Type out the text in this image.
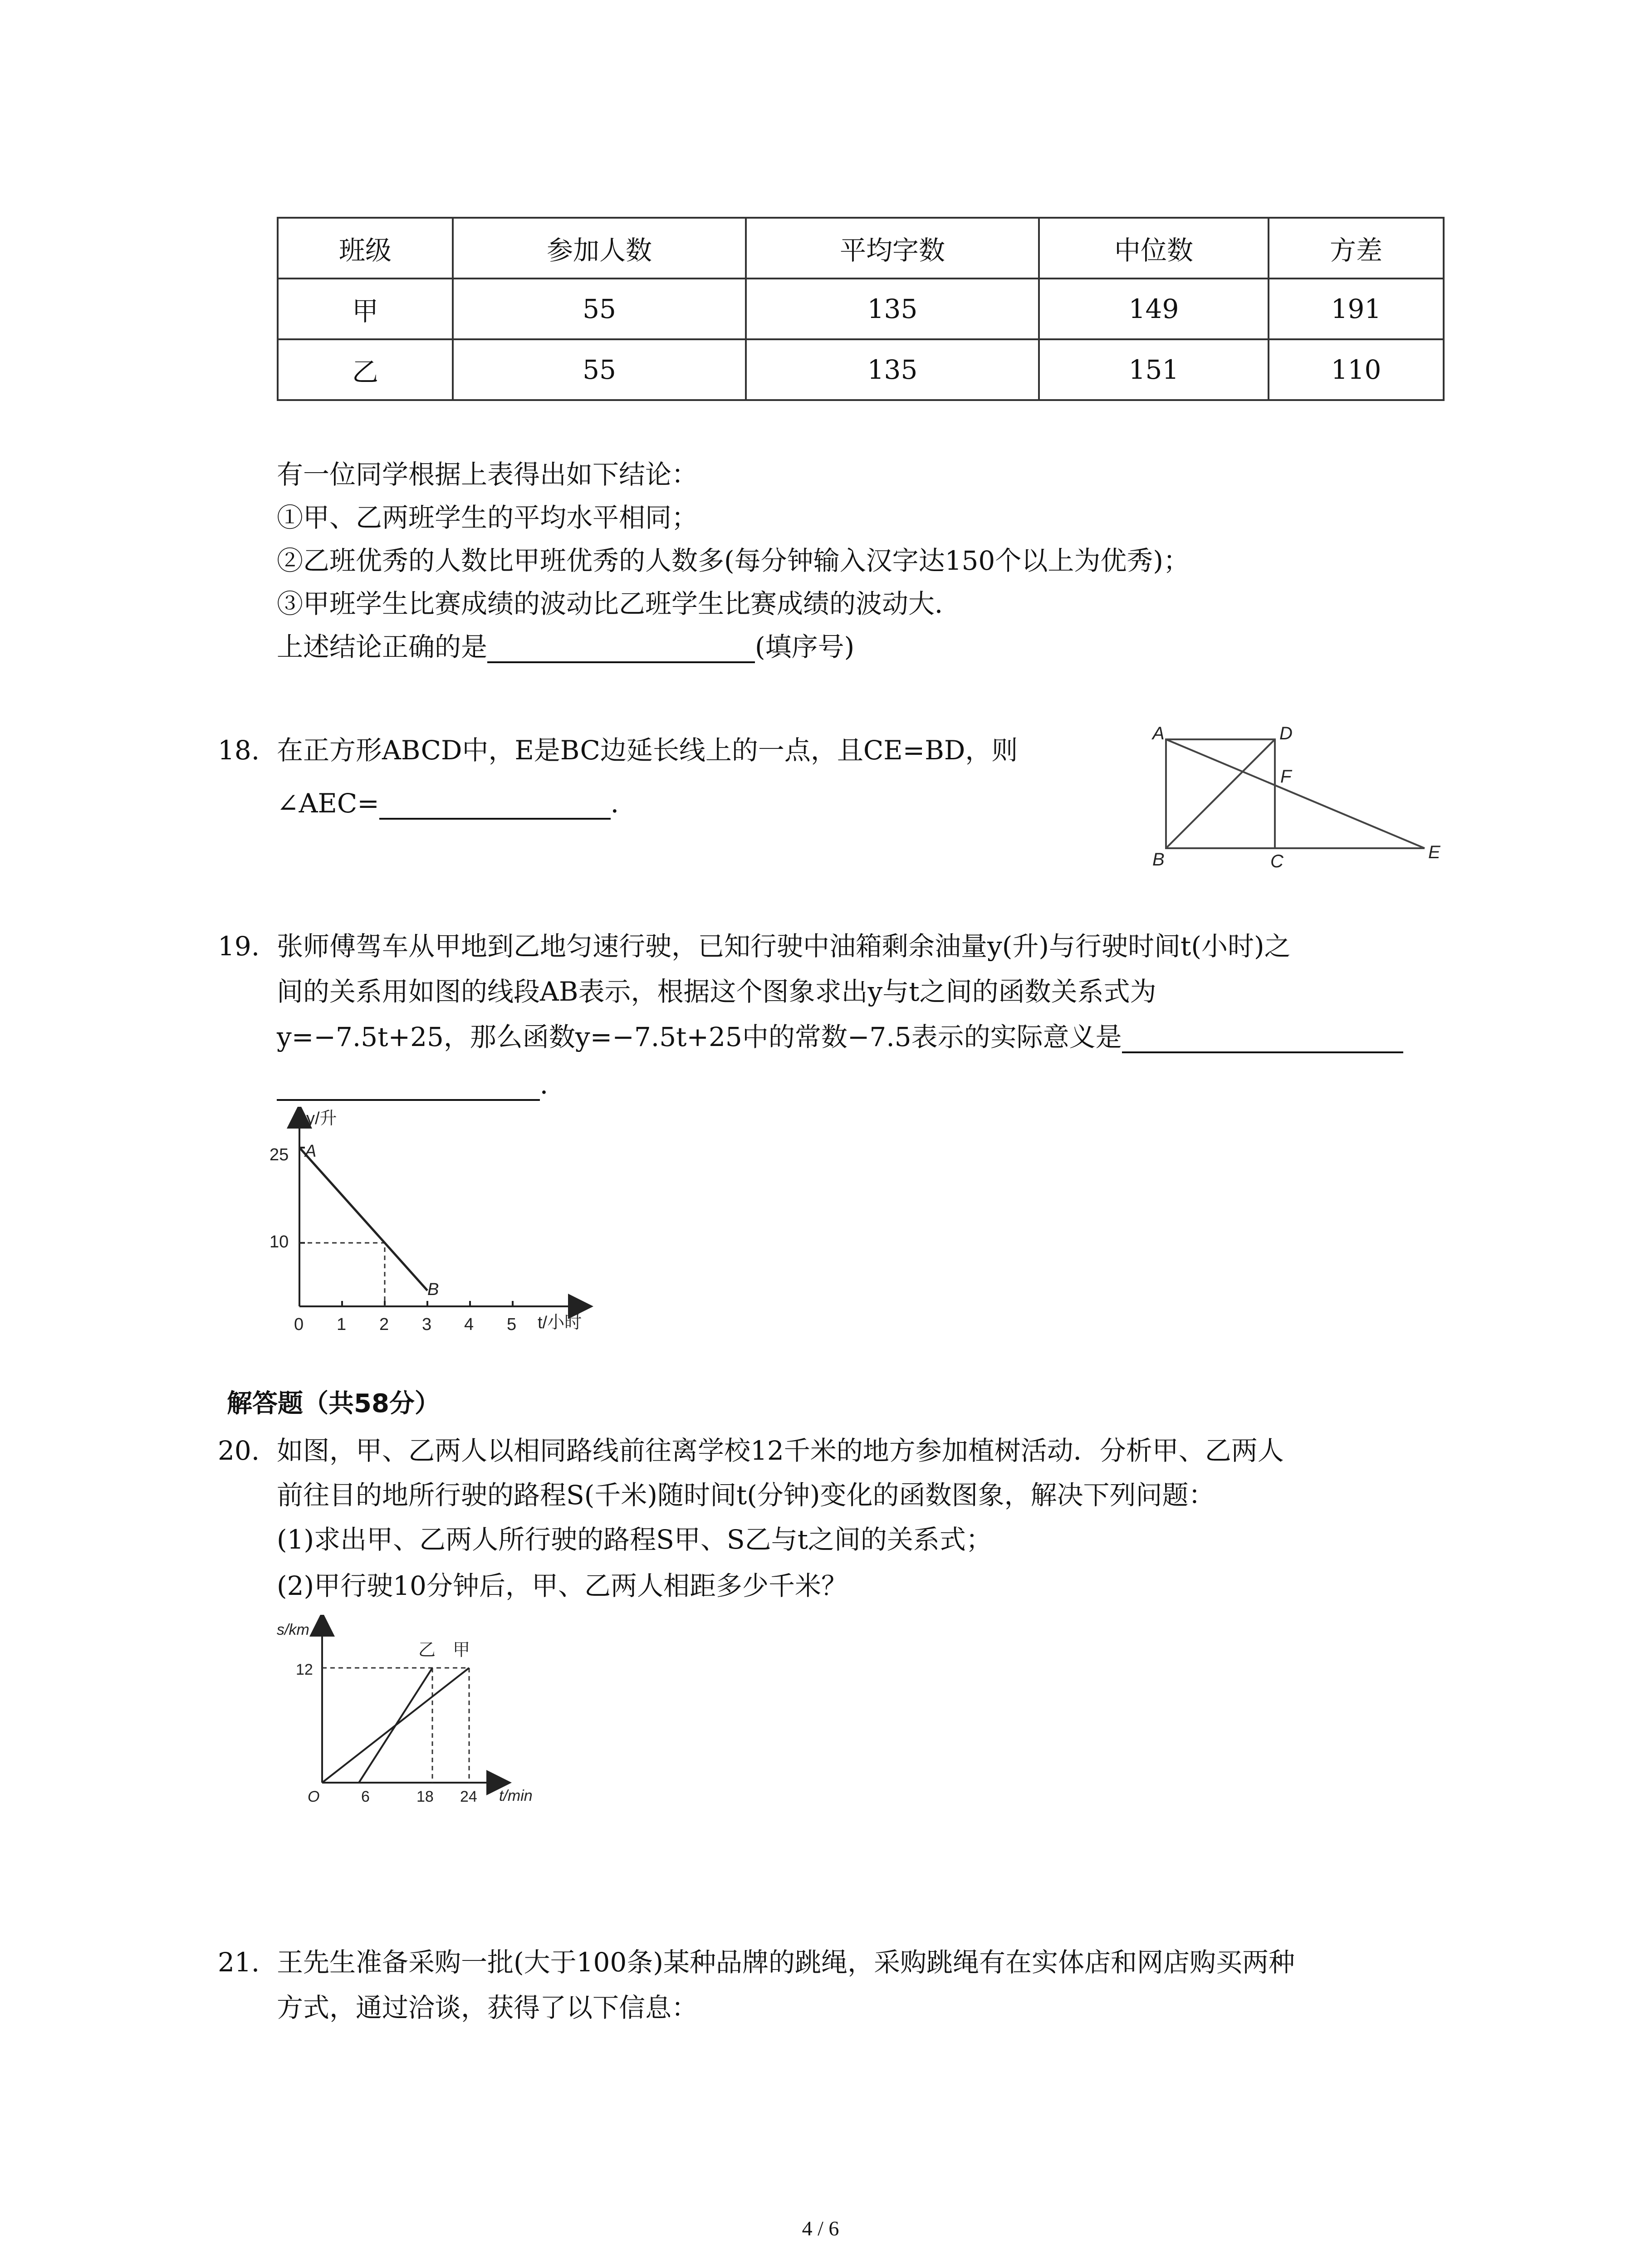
班级	参加人数	平均字数	中位数	方差
甲	55	135	149	191
乙	55	135	151	110
有一位同学根据上表得出如下结论：
①甲、乙两班学生的平均水平相同；
②乙班优秀的人数比甲班优秀的人数多(每分钟输入汉字达150个以上为优秀)；
③甲班学生比赛成绩的波动比乙班学生比赛成绩的波动大．
上述结论正确的是	(填序号)
18. 在正方形ABCD中，E是BC边延长线上的一点，且CE=BD，则
∠AEC=	．
A	D
F
B	C	E
19. 张师傅驾车从甲地到乙地匀速行驶，已知行驶中油箱剩余油量y(升)与行驶时间t(小时)之
间的关系用如图的线段AB表示，根据这个图象求出y与t之间的函数关系式为
y=−7.5t+25，那么函数y=−7.5t+25中的常数−7.5表示的实际意义是
．
y/升
t/小时
25
10
0 1 2 3 4 5
A
B
解答题（共58分）
20. 如图，甲、乙两人以相同路线前往离学校12千米的地方参加植树活动．分析甲、乙两人
前往目的地所行驶的路程S(千米)随时间t(分钟)变化的函数图象，解决下列问题：
(1)求出甲、乙两人所行驶的路程S甲、S乙与t之间的关系式；
(2)甲行驶10分钟后，甲、乙两人相距多少千米？
s/km
t/min
12
O	6	18 24
乙 甲
21. 王先生准备采购一批(大于100条)某种品牌的跳绳，采购跳绳有在实体店和网店购买两种
方式，通过洽谈，获得了以下信息：
4 / 6
